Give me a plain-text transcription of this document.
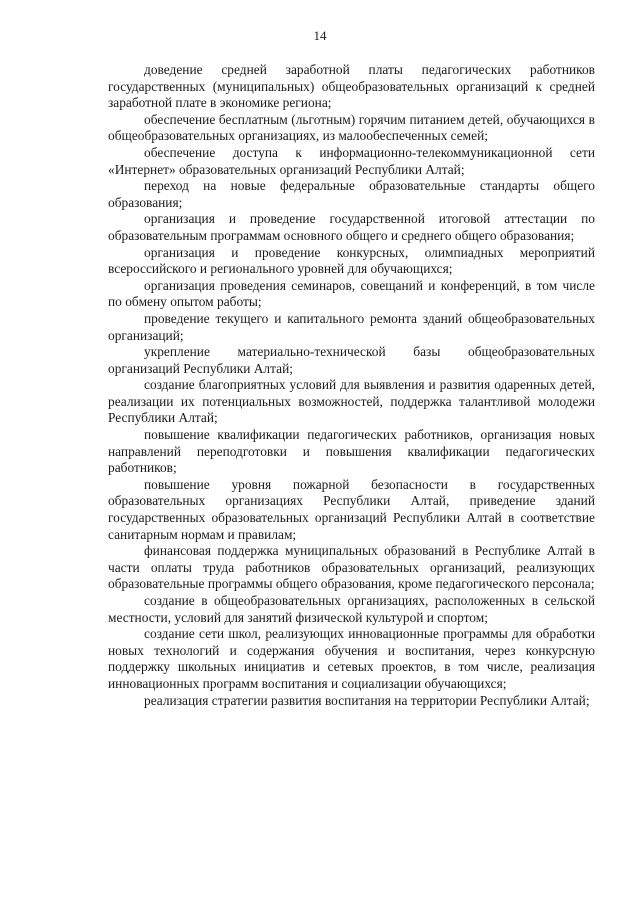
14

доведение средней заработной платы педагогических работников государственных (муниципальных) общеобразовательных организаций к средней заработной плате в экономике региона;

обеспечение бесплатным (льготным) горячим питанием детей, обучающихся в общеобразовательных организациях, из малообеспеченных семей;

обеспечение доступа к информационно-телекоммуникационной сети «Интернет» образовательных организаций Республики Алтай;

переход на новые федеральные образовательные стандарты общего образования;

организация и проведение государственной итоговой аттестации по образовательным программам основного общего и среднего общего образования;

организация и проведение конкурсных, олимпиадных мероприятий всероссийского и регионального уровней для обучающихся;

организация проведения семинаров, совещаний и конференций, в том числе по обмену опытом работы;

проведение текущего и капитального ремонта зданий общеобразовательных организаций;

укрепление материально-технической базы общеобразовательных организаций Республики Алтай;

создание благоприятных условий для выявления и развития одаренных детей, реализации их потенциальных возможностей, поддержка талантливой молодежи Республики Алтай;

повышение квалификации педагогических работников, организация новых направлений переподготовки и повышения квалификации педагогических работников;

повышение уровня пожарной безопасности в государственных образовательных организациях Республики Алтай, приведение зданий государственных образовательных организаций Республики Алтай в соответствие санитарным нормам и правилам;

финансовая поддержка муниципальных образований в Республике Алтай в части оплаты труда работников образовательных организаций, реализующих образовательные программы общего образования, кроме педагогического персонала;

создание в общеобразовательных организациях, расположенных в сельской местности, условий для занятий физической культурой и спортом;

создание сети школ, реализующих инновационные программы для обработки новых технологий и содержания обучения и воспитания, через конкурсную поддержку школьных инициатив и сетевых проектов, в том числе, реализация инновационных программ воспитания и социализации обучающихся;

реализация стратегии развития воспитания на территории Республики Алтай;
